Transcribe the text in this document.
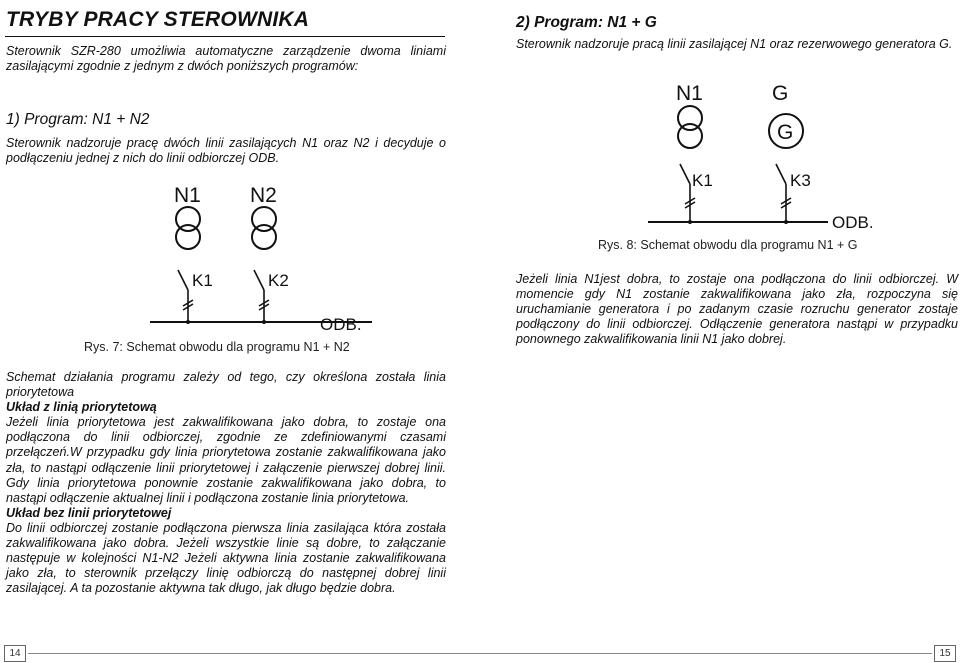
TRYBY PRACY STEROWNIKA

Sterownik SZR-280 umożliwia automatyczne zarządzenie dwoma liniami zasilającymi zgodnie z jednym z dwóch poniższych programów:

1) Program: N1 + N2

Sterownik nadzoruje pracę dwóch linii zasilających N1 oraz N2 i decyduje o podłączeniu jednej z nich do linii odbiorczej ODB.

N1 N2
K1	K2
ODB.
Rys. 7: Schemat obwodu dla programu N1 + N2

Schemat działania programu zależy od tego, czy określona została linia priorytetowa

Układ z linią priorytetową

Jeżeli linia priorytetowa jest zakwalifikowana jako dobra, to zostaje ona podłączona do linii odbiorczej, zgodnie ze zdefiniowanymi czasami przełączeń.W przypadku gdy linia priorytetowa zostanie zakwalifikowana jako zła, to nastąpi odłączenie linii priorytetowej i załączenie pierwszej dobrej linii. Gdy linia priorytetowa ponownie zostanie zakwalifikowana jako dobra, to nastąpi odłączenie aktualnej linii i podłączona zostanie linia priorytetowa.

Układ bez linii priorytetowej

Do linii odbiorczej zostanie podłączona pierwsza linia zasilająca która została zakwalifikowana jako dobra. Jeżeli wszystkie linie są dobre, to załączanie następuje w kolejności N1-N2 Jeżeli aktywna linia zostanie zakwalifikowana jako zła, to sterownik przełączy linię odbiorczą do następnej dobrej linii zasilającej. A ta pozostanie aktywna tak długo, jak długo będzie dobra.

2) Program: N1 + G

Sterownik nadzoruje pracą linii zasilającej N1 oraz rezerwowego generatora G.

N1	G
G
K1	K3
ODB.
Rys. 8: Schemat obwodu dla programu N1 + G

Jeżeli linia N1jest dobra, to zostaje ona podłączona do linii odbiorczej. W momencie gdy N1 zostanie zakwalifikowana jako zła, rozpoczyna się uruchamianie generatora i po zadanym czasie rozruchu generator zostaje podłączony do linii odbiorczej. Odłączenie generatora nastąpi w przypadku ponownego zakwalifikowania linii N1 jako dobrej.

14	15
